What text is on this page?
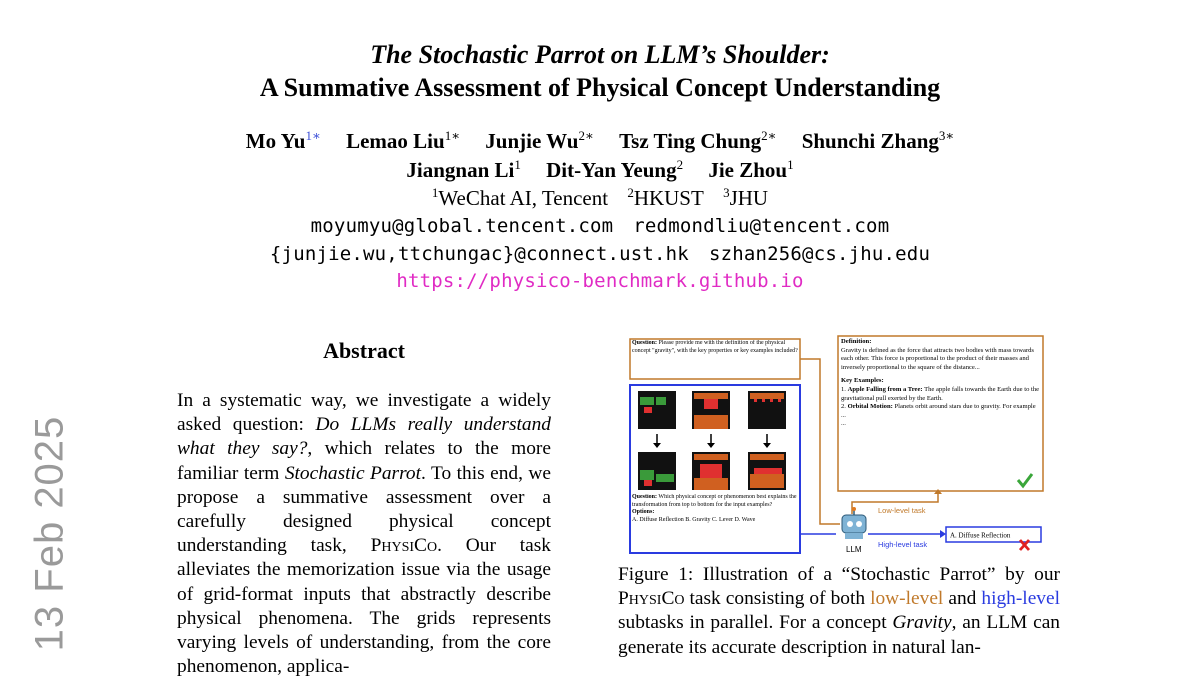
The Stochastic Parrot on LLM’s Shoulder:
A Summative Assessment of Physical Concept Understanding
Mo $Yu^{1∗}$ Lemao Liu$^{1∗}$ Junjie $Wu^{2∗}$ Tsz Ting Chung$^{2∗}$ Shunchi Zhang$^{3∗}$
Jiangnan Li$^1$ Dit-Yan Yeung$^2$ Jie Zhou$^1$
$^1$WeChat AI, Tencent $^2$HKUST $^3$JHU
moyumyu@global.tencent.com redmondliu@tencent.com
{junjie.wu,ttchungac}@connect.ust.hk szhan256@cs.jhu.edu
https://physico-benchmark.github.io
13 Feb 2025
Abstract
In a systematic way, we investigate a widely asked question: Do LLMs really understand what they say?, which relates to the more familiar term Stochastic Parrot. To this end, we propose a summative assessment over a carefully designed physical concept understanding task, PhysiCo. Our task alleviates the memorization issue via the usage of grid-format inputs that abstractly describe physical phenomena. The grids represents varying levels of understanding, from the core phenomenon, applica-
Question: Please provide me with the definition of the physical concept "gravity", with the key properties or key examples included?
Definition:
Gravity is defined as the force that attracts two bodies with mass towards each other. This force is proportional to the product of their masses and inversely proportional to the square of the distance...
Key Examples:
1. Apple Falling from a Tree: The apple falls towards the Earth due to the gravitational pull exerted by the Earth.
2. Orbital Motion: Planets orbit around stars due to gravity. For example ...
...
Question: Which physical concept or phenomenon best explains the transformation from top to bottom for the input examples?
Options:
A. Diffuse Reflection B. Gravity C. Lever D. Wave
LLM
Low-level task
High-level task
A. Diffuse Reflection
Figure 1: Illustration of a “Stochastic Parrot” by our PhysiCo task consisting of both low-level and high-level subtasks in parallel. For a concept Gravity, an LLM can generate its accurate description in natural lan-
